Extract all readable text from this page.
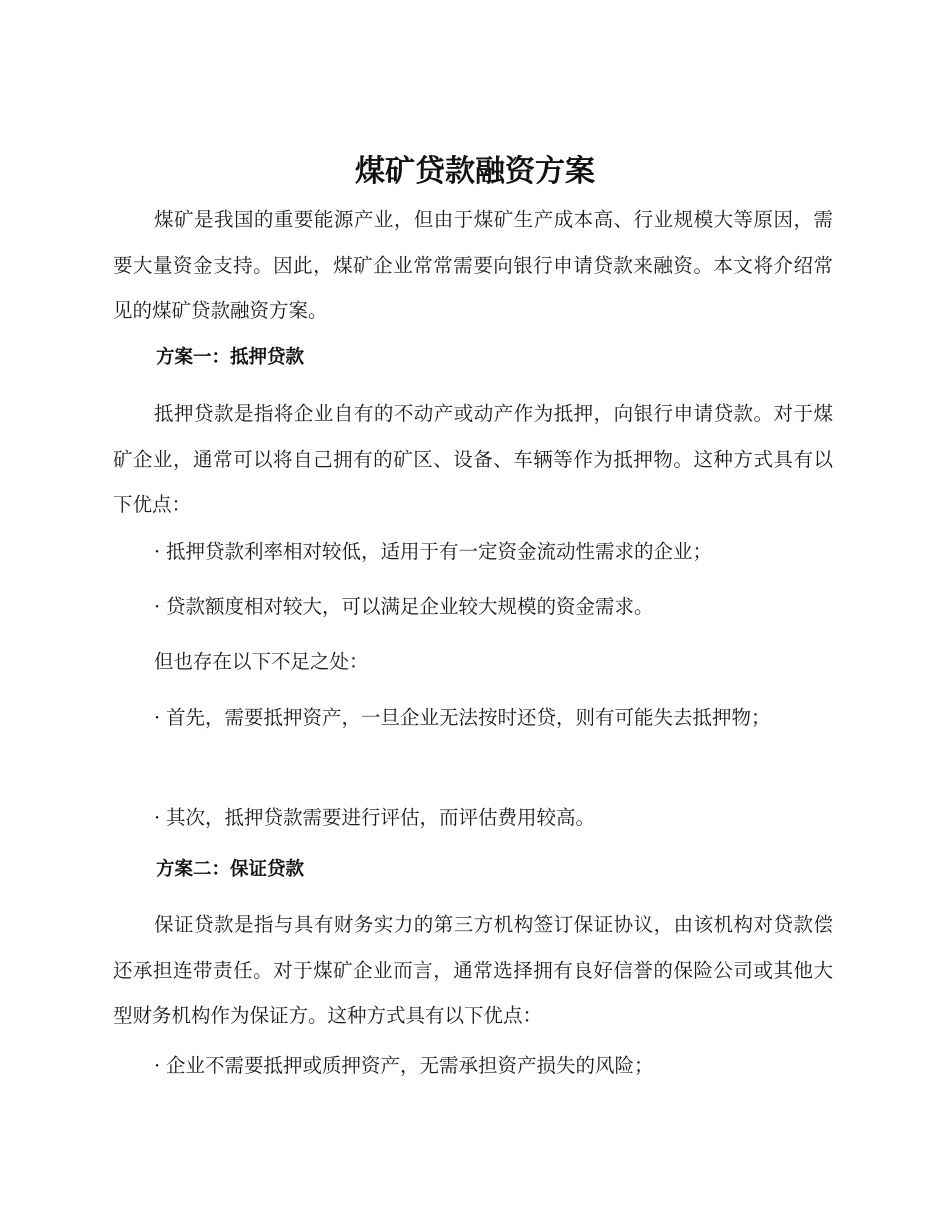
煤矿贷款融资方案

煤矿是我国的重要能源产业，但由于煤矿生产成本高、行业规模大等原因，需要大量资金支持。因此，煤矿企业常常需要向银行申请贷款来融资。本文将介绍常见的煤矿贷款融资方案。

方案一：抵押贷款

抵押贷款是指将企业自有的不动产或动产作为抵押，向银行申请贷款。对于煤矿企业，通常可以将自己拥有的矿区、设备、车辆等作为抵押物。这种方式具有以下优点：

· 抵押贷款利率相对较低，适用于有一定资金流动性需求的企业；

· 贷款额度相对较大，可以满足企业较大规模的资金需求。

但也存在以下不足之处：

· 首先，需要抵押资产，一旦企业无法按时还贷，则有可能失去抵押物；

· 其次，抵押贷款需要进行评估，而评估费用较高。

方案二：保证贷款

保证贷款是指与具有财务实力的第三方机构签订保证协议，由该机构对贷款偿还承担连带责任。对于煤矿企业而言，通常选择拥有良好信誉的保险公司或其他大型财务机构作为保证方。这种方式具有以下优点：

· 企业不需要抵押或质押资产，无需承担资产损失的风险；
